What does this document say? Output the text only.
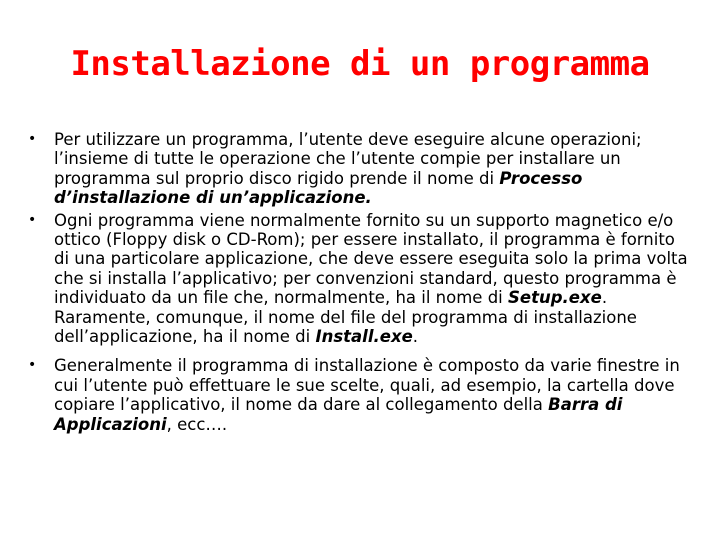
Installazione di un programma
• Per utilizzare un programma, l’utente deve eseguire alcune operazioni; l’insieme di tutte le operazione che l’utente compie per installare un programma sul proprio disco rigido prende il nome di Processo d’installazione di un’applicazione.
• Ogni programma viene normalmente fornito su un supporto magnetico e/o ottico (Floppy disk o CD-Rom); per essere installato, il programma è fornito di una particolare applicazione, che deve essere eseguita solo la prima volta che si installa l’applicativo; per convenzioni standard, questo programma è individuato da un file che, normalmente, ha il nome di Setup.exe. Raramente, comunque, il nome del file del programma di installazione dell’applicazione, ha il nome di Install.exe.
• Generalmente il programma di installazione è composto da varie finestre in cui l’utente può effettuare le sue scelte, quali, ad esempio, la cartella dove copiare l’applicativo, il nome da dare al collegamento della Barra di Applicazioni, ecc….
